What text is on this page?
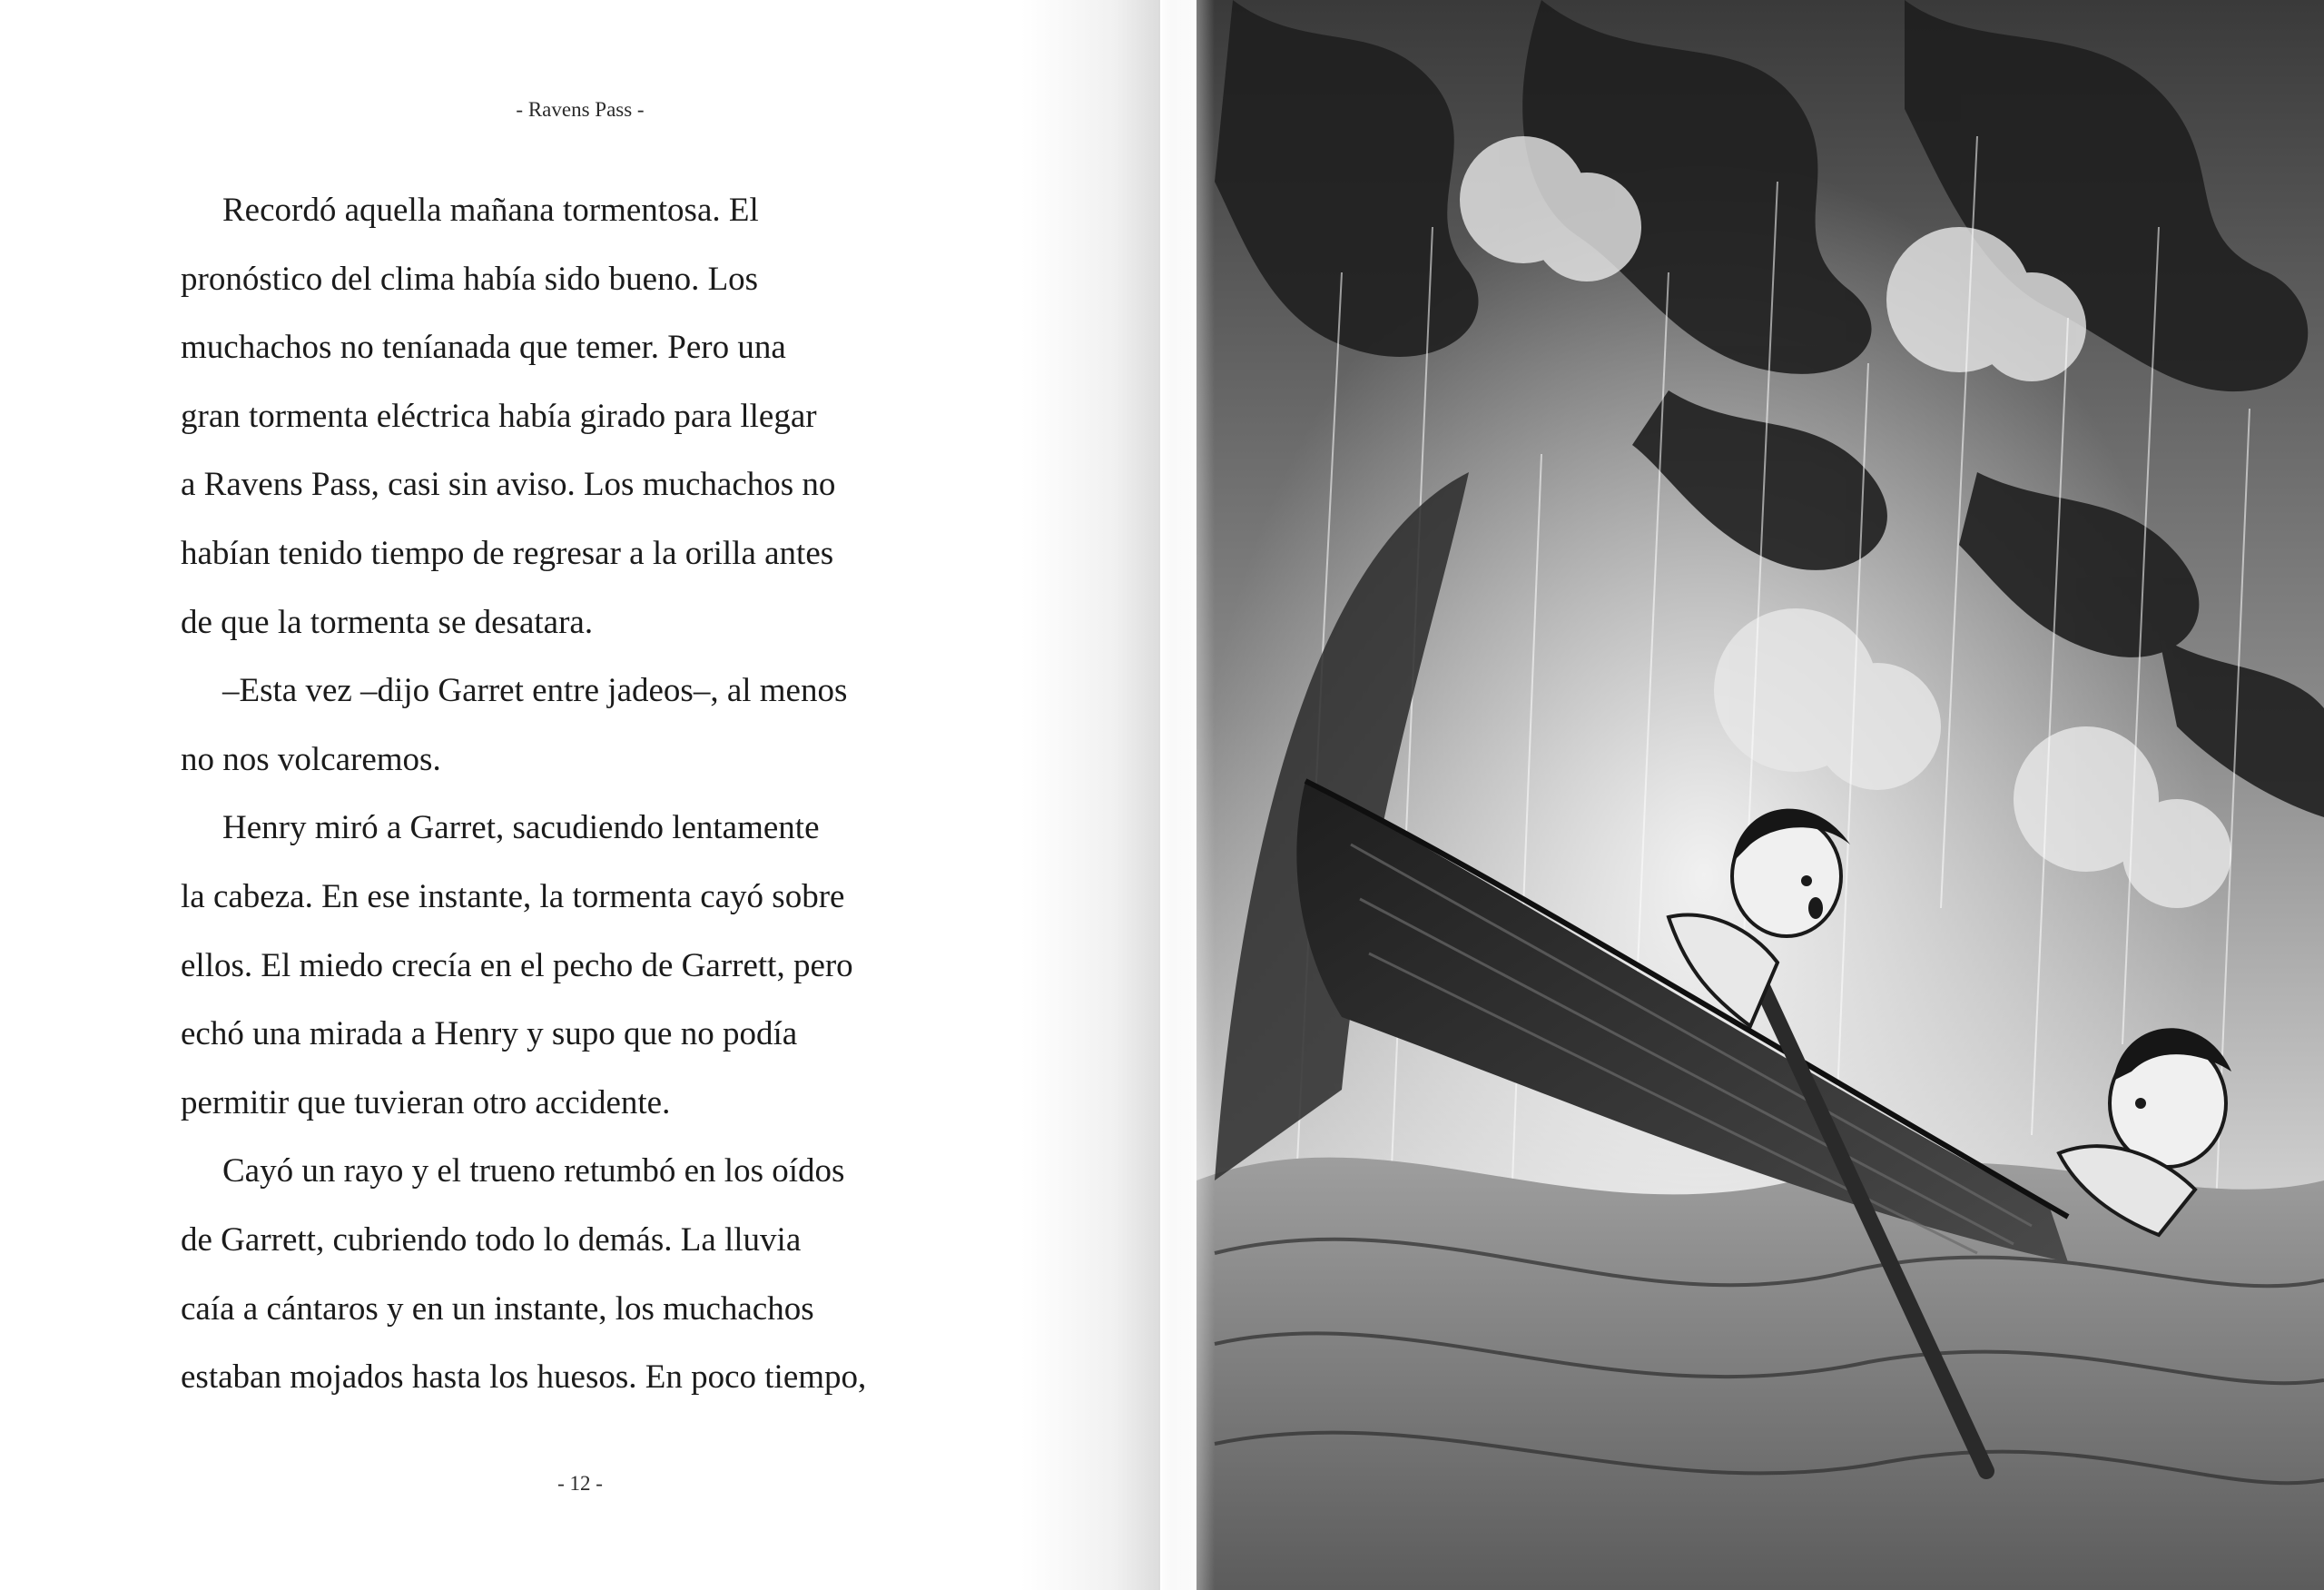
- Ravens Pass -
Recordó aquella mañana tormentosa. El
pronóstico del clima había sido bueno. Los
muchachos no teníanada que temer. Pero una
gran tormenta eléctrica había girado para llegar
a Ravens Pass, casi sin aviso. Los muchachos no
habían tenido tiempo de regresar a la orilla antes
de que la tormenta se desatara.
–Esta vez –dijo Garret entre jadeos–, al menos
no nos volcaremos.
Henry miró a Garret, sacudiendo lentamente
la cabeza. En ese instante, la tormenta cayó sobre
ellos. El miedo crecía en el pecho de Garrett, pero
echó una mirada a Henry y supo que no podía
permitir que tuvieran otro accidente.
Cayó un rayo y el trueno retumbó en los oídos
de Garrett, cubriendo todo lo demás. La lluvia
caía a cántaros y en un instante, los muchachos
estaban mojados hasta los huesos. En poco tiempo,
- 12 -
